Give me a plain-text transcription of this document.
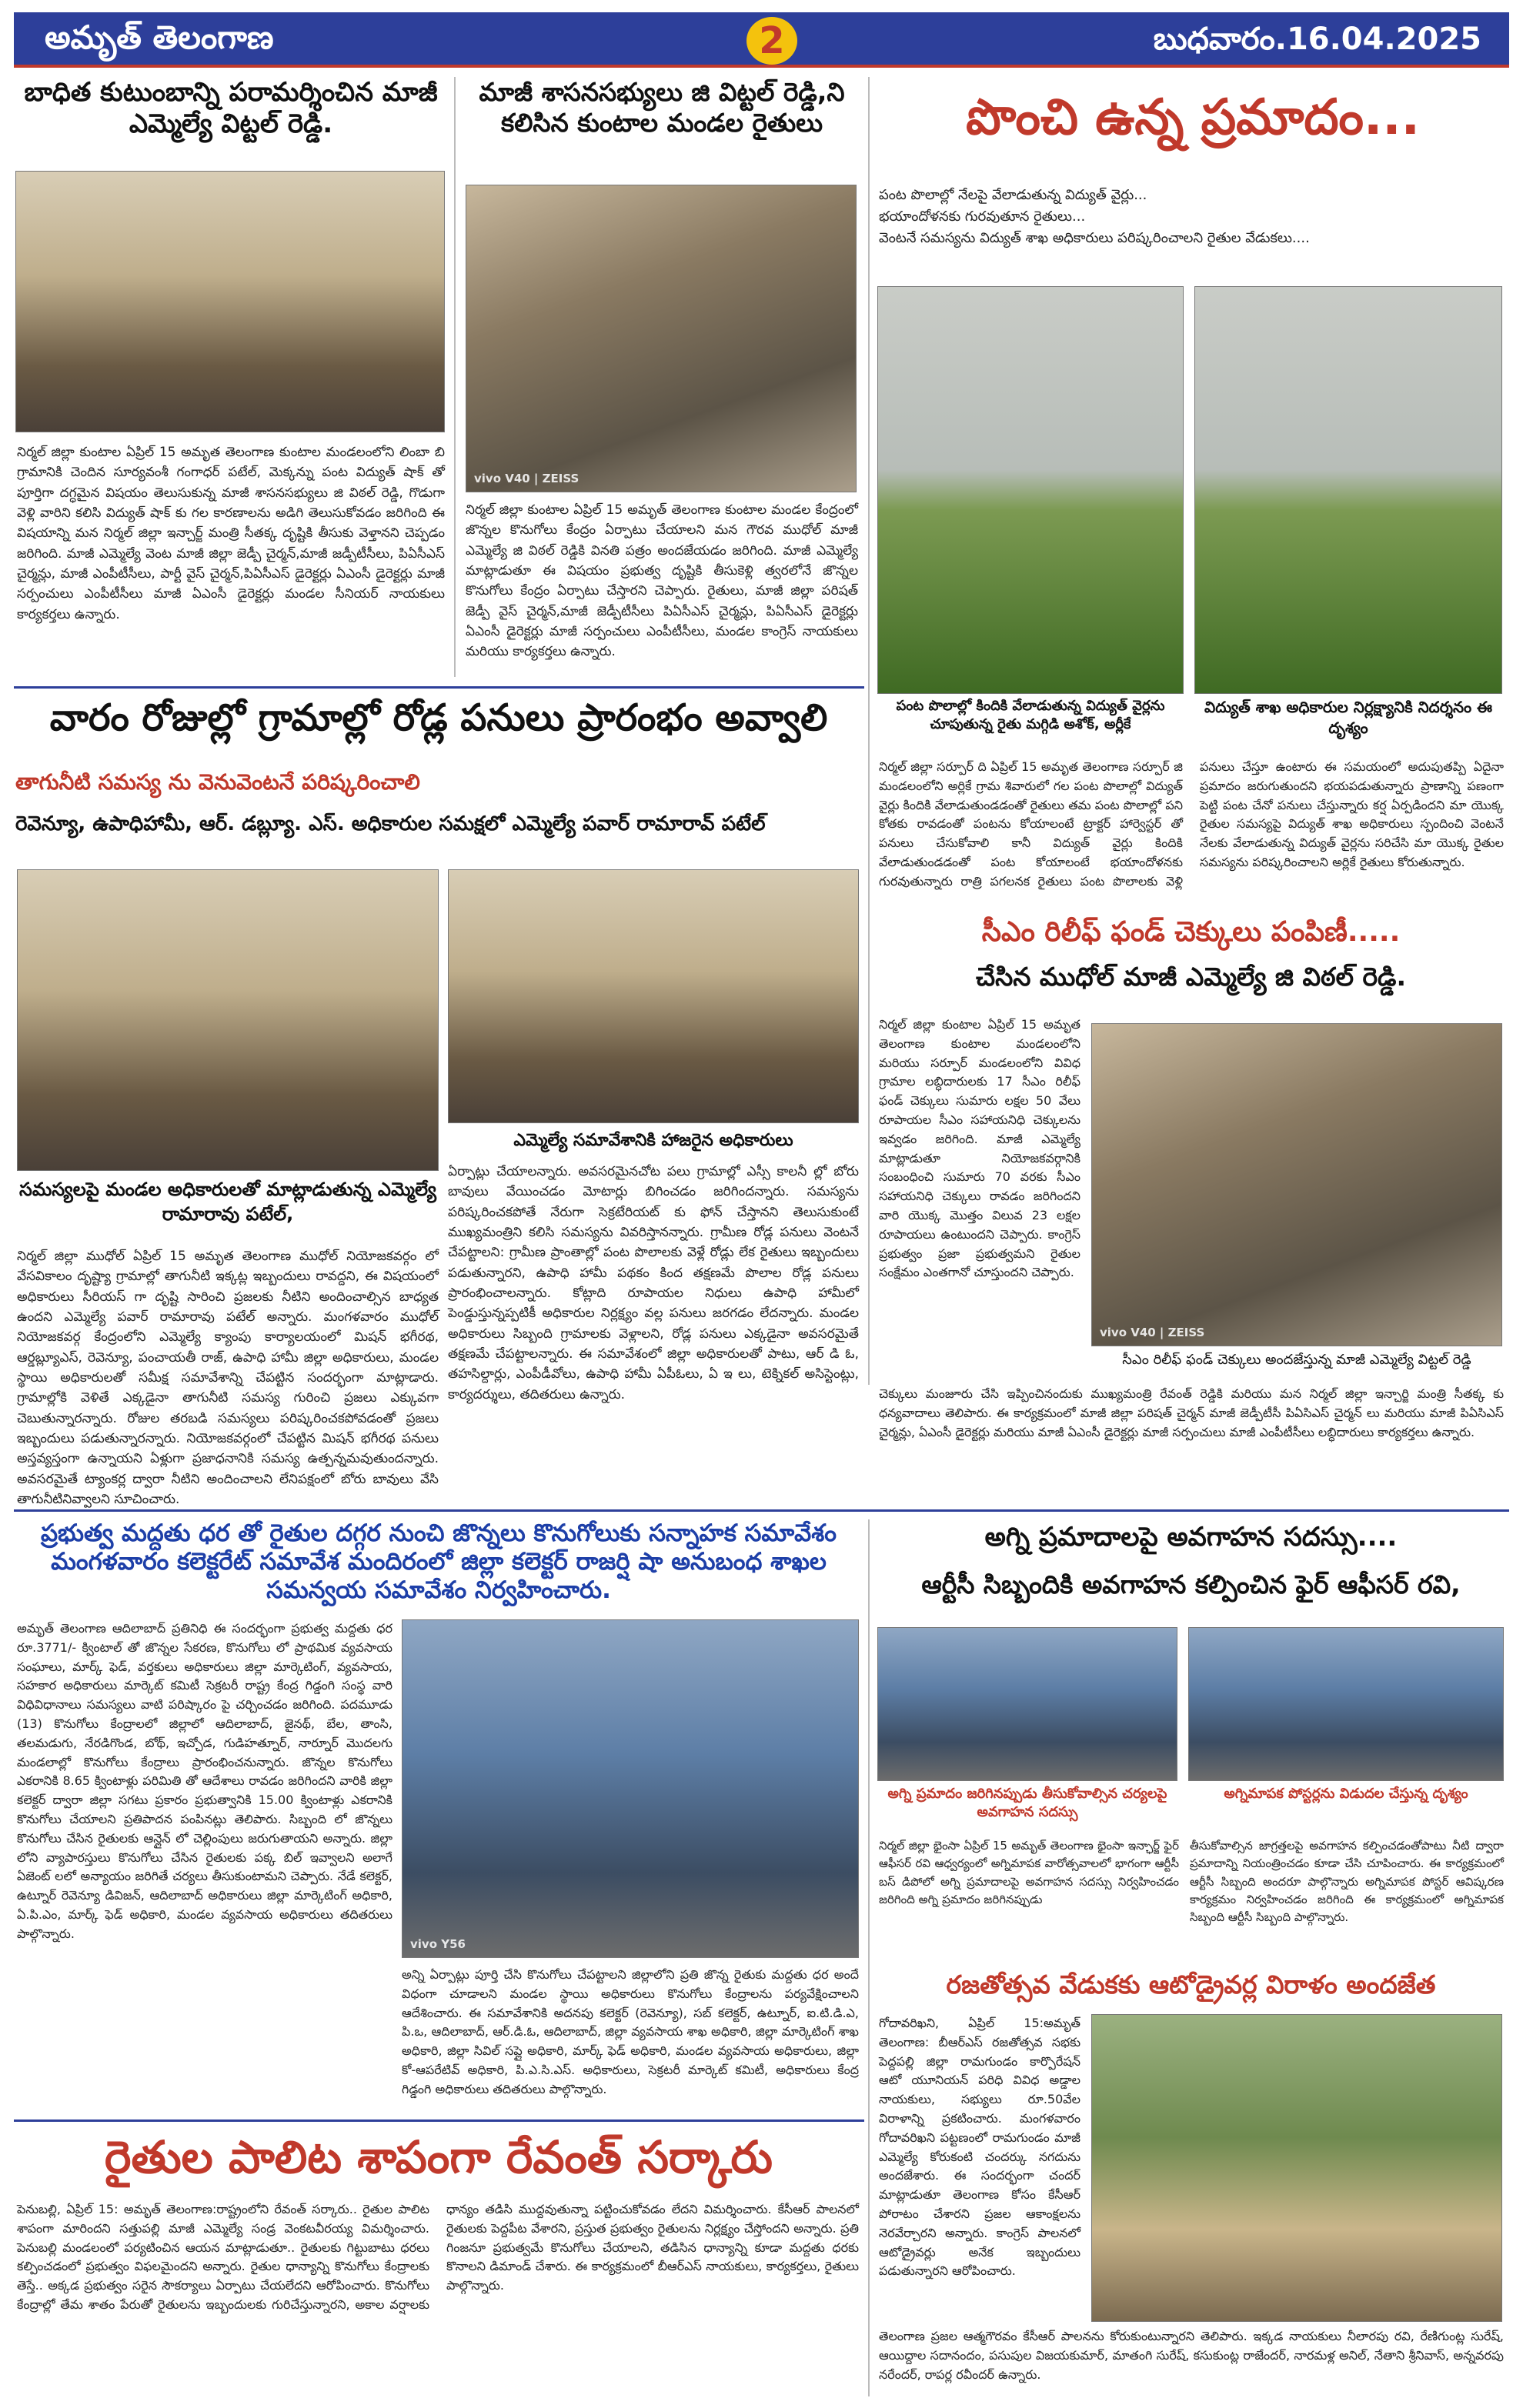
అమృత్ తెలంగాణ	2	బుధవారం.16.04.2025
బాధిత కుటుంబాన్ని పరామర్శించిన మాజీ ఎమ్మెల్యే విట్టల్ రెడ్డి.
నిర్మల్ జిల్లా కుంటాల ఏప్రిల్ 15 అమృత తెలంగాణ కుంటాల మండలంలోని లింబా బి గ్రామానికి చెందిన సూర్యవంశీ గంగాధర్ పటేల్, మెక్కన్ను పంట విద్యుత్ షాక్ తో పూర్తిగా దగ్ధమైన విషయం తెలుసుకున్న మాజీ శాసనసభ్యులు జి విఠల్ రెడ్డి, గొడుగా వెళ్లి వారిని కలిసి విద్యుత్ షాక్ కు గల కారణాలను అడిగి తెలుసుకోవడం జరిగింది ఈ విషయాన్ని మన నిర్మల్ జిల్లా ఇన్చార్జ్ మంత్రి సీతక్క దృష్టికి తీసుకు వెళ్తానని చెప్పడం జరిగింది. మాజీ ఎమ్మెల్యే వెంట మాజీ జిల్లా జెడ్పీ చైర్మన్,మాజీ జడ్పీటీసీలు, పిఏసీఎస్ చైర్మన్లు, మాజీ ఎంపీటీసీలు, పార్టీ వైస్ చైర్మన్,పిఏసీఎస్ డైరెక్టర్లు ఏఎంసీ డైరెక్టర్లు మాజీ సర్పంచులు ఎంపీటీసీలు మాజీ ఏఎంసీ డైరెక్టర్లు మండల సీనియర్ నాయకులు కార్యకర్తలు ఉన్నారు.
మాజీ శాసనసభ్యులు జి విట్టల్ రెడ్డి,ని కలిసిన కుంటాల మండల రైతులు
vivo V40 | ZEISS
నిర్మల్ జిల్లా కుంటాల ఏప్రిల్ 15 అమృత్ తెలంగాణ కుంటాల మండల కేంద్రంలో జొన్నల కొనుగోలు కేంద్రం ఏర్పాటు చేయాలని మన గౌరవ ముధోల్ మాజీ ఎమ్మెల్యే జి విఠల్ రెడ్డికి వినతి పత్రం అందజేయడం జరిగింది. మాజీ ఎమ్మెల్యే మాట్లాడుతూ ఈ విషయం ప్రభుత్వ దృష్టికి తీసుకెళ్లి త్వరలోనే జొన్నల కొనుగోలు కేంద్రం ఏర్పాటు చేస్తారని చెప్పారు. రైతులు, మాజీ జిల్లా పరిషత్ జెడ్పీ వైస్ చైర్మన్,మాజీ జెడ్పీటీసీలు పిఏసీఎస్ చైర్మన్లు, పిఏసీఎస్ డైరెక్టర్లు ఏఎంసీ డైరెక్టర్లు మాజీ సర్పంచులు ఎంపీటీసీలు, మండల కాంగ్రెస్ నాయకులు మరియు కార్యకర్తలు ఉన్నారు.
పొంచి ఉన్న ప్రమాదం...
పంట పొలాల్లో నేలపై వేలాడుతున్న విద్యుత్ వైర్లు...
భయాందోళనకు గురవుతూన రైతులు...
వెంటనే సమస్యను విద్యుత్ శాఖ అధికారులు పరిష్కరించాలని రైతుల వేడుకలు....
పంట పొలాల్లో కిందికి వేలాడుతున్న విద్యుత్ వైర్లను చూపుతున్న రైతు మగ్గిడి అశోక్, అర్లీకే
విద్యుత్ శాఖ అధికారుల నిర్లక్ష్యానికి నిదర్శనం ఈ దృశ్యం
నిర్మల్ జిల్లా సర్పూర్ ది ఏప్రిల్ 15 అమృత తెలంగాణ సర్పూర్ జి మండలంలోని అర్లికే గ్రామ శివారులో గల పంట పొలాల్లో విద్యుత్ వైర్లు కిందికి వేలాడుతుండడంతో రైతులు తమ పంట పొలాల్లో పని కోతకు రావడంతో పంటను కోయాలంటే ట్రాక్టర్ హార్వెస్టర్ తో పనులు చేసుకోవాలి కానీ విద్యుత్ వైర్లు కిందికి వేలాడుతుండడంతో పంట కోయాలంటే భయాందోళనకు గురవుతున్నారు రాత్రి పగలనక రైతులు పంట పొలాలకు వెళ్లి పనులు చేస్తూ ఉంటారు ఈ సమయంలో అదుపుతప్పి ఏదైనా ప్రమాదం జరుగుతుందని భయపడుతున్నారు ప్రాణాన్ని పణంగా పెట్టి పంట చేనో పనులు చేస్తున్నారు కర్ష ఏర్పడిందని మా యొక్క రైతుల సమస్యపై విద్యుత్ శాఖ అధికారులు స్పందించి వెంటనే నేలకు వేలాడుతున్న విద్యుత్ వైర్లను సరిచేసి మా యొక్క రైతుల సమస్యను పరిష్కరించాలని అర్లికే రైతులు కోరుతున్నారు.
వారం రోజుల్లో గ్రామాల్లో రోడ్ల పనులు ప్రారంభం అవ్వాలి
తాగునీటి సమస్య ను వెనువెంటనే పరిష్కరించాలి
రెవెన్యూ, ఉపాధిహామీ, ఆర్. డబ్ల్యూ. ఎస్. అధికారుల సమక్షలో ఎమ్మెల్యే పవార్ రామారావ్ పటేల్
ఎమ్మెల్యే సమావేశానికి హాజరైన అధికారులు
ఏర్పాట్లు చేయాలన్నారు. అవసరమైనచోట పలు గ్రామాల్లో ఎస్సీ కాలనీ ల్లో బోరు బావులు వేయించడం మోటార్లు బిగించడం జరిగిందన్నారు. సమస్యను పరిష్కరించకపోతే నేరుగా సెక్రటేరియట్ కు ఫోన్ చేస్తానని తెలుసుకుంటే ముఖ్యమంత్రిని కలిసి సమస్యను వివరిస్తానన్నారు. గ్రామీణ రోడ్ల పనులు వెంటనే చేపట్టాలని: గ్రామీణ ప్రాంతాల్లో పంట పొలాలకు వెళ్లే రోడ్లు లేక రైతులు ఇబ్బందులు పడుతున్నారని, ఉపాధి హామీ పథకం కింద తక్షణమే పొలాల రోడ్ల పనులు ప్రారంభించాలన్నారు. కోట్లాది రూపాయల నిధులు ఉపాధి హామీలో పెండ్డుస్తున్నప్పటికీ అధికారుల నిర్లక్ష్యం వల్ల పనులు జరగడం లేదన్నారు. మండల అధికారులు సిబ్బంది గ్రామాలకు వెళ్లాలని, రోడ్ల పనులు ఎక్కడైనా అవసరమైతే తక్షణమే చేపట్టాలన్నారు. ఈ సమావేశంలో జిల్లా అధికారులతో పాటు, ఆర్ డి ఓ, తహసిల్దార్లు, ఎంపీడీవోలు, ఉపాధి హామీ ఏపీఓలు, ఏ ఇ లు, టెక్నికల్ అసిస్టెంట్లు, కార్యదర్శులు, తదితరులు ఉన్నారు.
సమస్యలపై మండల అధికారులతో మాట్లాడుతున్న ఎమ్మెల్యే రామారావు పటేల్,
నిర్మల్ జిల్లా ముధోల్ ఏప్రిల్ 15 అమృత తెలంగాణ ముధోల్ నియోజకవర్గం లో వేసవికాలం దృష్ట్యా గ్రామాల్లో తాగునీటి ఇక్కట్ల ఇబ్బందులు రావద్దని, ఈ విషయంలో అధికారులు సీరియస్ గా దృష్టి సారించి ప్రజలకు నీటిని అందించాల్సిన బాధ్యత ఉందని ఎమ్మెల్యే పవార్ రామారావు పటేల్ అన్నారు. మంగళవారం ముధోల్ నియోజకవర్గ కేంద్రంలోని ఎమ్మెల్యే క్యాంపు కార్యాలయంలో మిషన్ భగీరథ, ఆర్డబ్ల్యూఎస్, రెవెన్యూ, పంచాయతీ రాజ్, ఉపాధి హామీ జిల్లా అధికారులు, మండల స్థాయి అధికారులతో సమీక్ష సమావేశాన్ని చేపట్టిన సందర్భంగా మాట్లాడారు. గ్రామాల్లోకి వెళితే ఎక్కడైనా తాగునీటి సమస్య గురించి ప్రజలు ఎక్కువగా చెబుతున్నారన్నారు. రోజుల తరబడి సమస్యలు పరిష్కరించకపోవడంతో ప్రజలు ఇబ్బందులు పడుతున్నారన్నారు. నియోజకవర్గంలో చేపట్టిన మిషన్ భగీరథ పనులు అస్తవ్యస్తంగా ఉన్నాయని ఏళ్లుగా ప్రజాధనానికి సమస్య ఉత్పన్నమవుతుందన్నారు. అవసరమైతే ట్యాంకర్ల ద్వారా నీటిని అందించాలని లేనిపక్షంలో బోరు బావులు వేసి తాగునీటినివ్వాలని సూచించారు.
సీఎం రిలీఫ్ ఫండ్ చెక్కులు పంపిణీ.....
చేసిన ముధోల్ మాజీ ఎమ్మెల్యే జి విఠల్ రెడ్డి.
నిర్మల్ జిల్లా కుంటాల ఏప్రిల్ 15 అమృత తెలంగాణ కుంటాల మండలంలోని మరియు సర్పూర్ మండలంలోని వివిధ గ్రామాల లబ్ధిదారులకు 17 సీఎం రిలీఫ్ ఫండ్ చెక్కులు సుమారు లక్షల 50 వేలు రూపాయల సీఎం సహాయనిధి చెక్కులను ఇవ్వడం జరిగింది. మాజీ ఎమ్మెల్యే మాట్లాడుతూ నియోజకవర్గానికి సంబంధించి సుమారు 70 వరకు సీఎం సహాయనిధి చెక్కులు రావడం జరిగిందని వారి యొక్క మొత్తం విలువ 23 లక్షల రూపాయలు ఉంటుందని చెప్పారు. కాంగ్రెస్ ప్రభుత్వం ప్రజా ప్రభుత్వమని రైతుల సంక్షేమం ఎంతగానో చూస్తుందని చెప్పారు.
vivo V40 | ZEISS
సీఎం రిలీఫ్ ఫండ్ చెక్కులు అందజేస్తున్న మాజీ ఎమ్మెల్యే విట్టల్ రెడ్డి
చెక్కులు మంజూరు చేసి ఇప్పించినందుకు ముఖ్యమంత్రి రేవంత్ రెడ్డికి మరియు మన నిర్మల్ జిల్లా ఇన్చార్జి మంత్రి సీతక్క కు ధన్యవాదాలు తెలిపారు. ఈ కార్యక్రమంలో మాజీ జిల్లా పరిషత్ చైర్మన్ మాజీ జెడ్పీటీసీ పిఏసిఎస్ చైర్మన్ లు మరియు మాజీ పిఏసిఎస్ చైర్మన్లు, ఏఎంసీ డైరెక్టర్లు మరియు మాజీ ఏఎంసీ డైరెక్టర్లు మాజీ సర్పంచులు మాజీ ఎంపీటీసీలు లబ్ధిదారులు కార్యకర్తలు ఉన్నారు.
ప్రభుత్వ మద్దతు ధర తో రైతుల దగ్గర నుంచి జొన్నలు కొనుగోలుకు సన్నాహక సమావేశం మంగళవారం కలెక్టరేట్ సమావేశ మందిరంలో జిల్లా కలెక్టర్ రాజర్షి షా అనుబంధ శాఖల సమన్వయ సమావేశం నిర్వహించారు.
అమృత్ తెలంగాణ ఆదిలాబాద్ ప్రతినిధి ఈ సందర్భంగా ప్రభుత్వ మద్దతు ధర రూ.3771/- క్వింటాల్ తో జొన్నల సేకరణ, కొనుగోలు లో ప్రాథమిక వ్యవసాయ సంఘాలు, మార్క్ ఫెడ్, వర్తకులు అధికారులు జిల్లా మార్కెటింగ్, వ్యవసాయ, సహకార అధికారులు మార్కెట్ కమిటీ సెక్రటరీ రాష్ట్ర కేంద్ర గిడ్డంగి సంస్థ వారి విధివిధానాలు సమస్యలు వాటి పరిష్కారం పై చర్చించడం జరిగింది. పదమూడు (13) కొనుగోలు కేంద్రాలలో జిల్లాలో ఆదిలాబాద్, జైనథ్, బేల, తాంసి, తలమడుగు, నేరడిగొండ, బోథ్, ఇచ్చోడ, గుడిహత్నూర్, నార్నూర్ మొదలగు మండలాల్లో కొనుగోలు కేంద్రాలు ప్రారంభించనున్నారు. జొన్నల కొనుగోలు ఎకరానికి 8.65 క్వింటాళ్లు పరిమితి తో ఆదేశాలు రావడం జరిగిందని వారికి జిల్లా కలెక్టర్ ద్వారా జిల్లా సగటు ప్రకారం ప్రభుత్వానికి 15.00 క్వింటాళ్లు ఎకరానికి కొనుగోలు చేయాలని ప్రతిపాదన పంపినట్లు తెలిపారు. సిబ్బంది లో జొన్నలు కొనుగోలు చేసిన రైతులకు ఆన్లైన్ లో చెల్లింపులు జరుగుతాయని అన్నారు. జిల్లా లోని వ్యాపారస్తులు కొనుగోలు చేసిన రైతులకు పక్క బిల్ ఇవ్వాలని అలాగే ఏజెంట్ లలో అన్యాయం జరిగితే చర్యలు తీసుకుంటామని చెప్పారు. నేడే కలెక్టర్, ఉట్నూర్ రెవెన్యూ డివిజన్, ఆదిలాబాద్ అధికారులు జిల్లా మార్కెటింగ్ అధికారి, ఏ.పి.ఎం, మార్క్ ఫెడ్ అధికారి, మండల వ్యవసాయ అధికారులు తదితరులు పాల్గొన్నారు.
vivo Y56
అన్ని ఏర్పాట్లు పూర్తి చేసి కొనుగోలు చేపట్టాలని జిల్లాలోని ప్రతి జొన్న రైతుకు మద్దతు ధర అందే విధంగా చూడాలని మండల స్థాయి అధికారులు కొనుగోలు కేంద్రాలను పర్యవేక్షించాలని ఆదేశించారు. ఈ సమావేశానికి అదనపు కలెక్టర్ (రెవెన్యూ), సబ్ కలెక్టర్, ఉట్నూర్, ఐ.టి.డి.ఎ, పి.ఒ, ఆదిలాబాద్, ఆర్.డి.ఓ, ఆదిలాబాద్, జిల్లా వ్యవసాయ శాఖ అధికారి, జిల్లా మార్కెటింగ్ శాఖ అధికారి, జిల్లా సివిల్ సప్లై అధికారి, మార్క్ ఫెడ్ అధికారి, మండల వ్యవసాయ అధికారులు, జిల్లా కో-ఆపరేటివ్ అధికారి, పి.ఎ.సి.ఎస్. అధికారులు, సెక్రటరీ మార్కెట్ కమిటీ, అధికారులు కేంద్ర గిడ్డంగి అధికారులు తదితరులు పాల్గొన్నారు.
అగ్ని ప్రమాదాలపై అవగాహన సదస్సు....
ఆర్టీసీ సిబ్బందికి అవగాహన కల్పించిన ఫైర్ ఆఫీసర్ రవి,
అగ్ని ప్రమాదం జరిగినప్పుడు తీసుకోవాల్సిన చర్యలపై అవగాహన సదస్సు
అగ్నిమాపక పోస్టర్లను విడుదల చేస్తున్న దృశ్యం
నిర్మల్ జిల్లా భైంసా ఏప్రిల్ 15 అమృత్ తెలంగాణ భైంసా ఇన్ఛార్జ్ ఫైర్ ఆఫీసర్ రవి ఆధ్వర్యంలో అగ్నిమాపక వారోత్సవాలలో భాగంగా ఆర్టీసీ బస్ డిపోలో అగ్ని ప్రమాదాలపై అవగాహన సదస్సు నిర్వహించడం జరిగింది అగ్ని ప్రమాదం జరిగినప్పుడు
తీసుకోవాల్సిన జాగ్రత్తలపై అవగాహన కల్పించడంతోపాటు నీటి ద్వారా ప్రమాదాన్ని నియంత్రించడం కూడా చేసి చూపించారు. ఈ కార్యక్రమంలో ఆర్టీసీ సిబ్బంది అందరూ పాల్గొన్నారు అగ్నిమాపక పోస్టర్ ఆవిష్కరణ కార్యక్రమం నిర్వహించడం జరిగింది ఈ కార్యక్రమంలో అగ్నిమాపక సిబ్బంది ఆర్టీసీ సిబ్బంది పాల్గొన్నారు.
రజతోత్సవ వేడుకకు ఆటోడ్రైవర్ల విరాళం అందజేత
గోదావరిఖని, ఏప్రిల్ 15:అమృత్ తెలంగాణ: బీఆర్ఎస్ రజతోత్సవ సభకు పెద్దపల్లి జిల్లా రామగుండం కార్పొరేషన్ ఆటో యూనియన్ పరిధి వివిధ అడ్డాల నాయకులు, సభ్యులు రూ.50వేల విరాళాన్ని ప్రకటించారు. మంగళవారం గోదావరిఖని పట్టణంలో రామగుండం మాజీ ఎమ్మెల్యే కోరుకంటి చందర్కు నగదును అందజేశారు. ఈ సందర్భంగా చందర్ మాట్లాడుతూ తెలంగాణ కోసం కేసీఆర్ పోరాటం చేశారని ప్రజల ఆకాంక్షలను నెరవేర్చారని అన్నారు. కాంగ్రెస్ పాలనలో ఆటోడ్రైవర్లు అనేక ఇబ్బందులు పడుతున్నారని ఆరోపించారు.
తెలంగాణ ప్రజల ఆత్మగౌరవం కేసీఆర్ పాలనను కోరుకుంటున్నారని తెలిపారు. ఇక్కడ నాయకులు నీలారపు రవి, రేణిగుంట్ల సురేష్, ఆయిద్దాల సదానందం, పసుపుల విజయకుమార్, మాతంగి సురేష్, కసుకుంట్ల రాజేందర్, నారమళ్ల అనిల్, నేతాని శ్రీనివాస్, అన్నవరపు నరేందర్, రాపర్ల రవీందర్ ఉన్నారు.
రైతుల పాలిట శాపంగా రేవంత్ సర్కారు
పెనుబల్లి, ఏప్రిల్ 15: అమృత్ తెలంగాణ:రాష్ట్రంలోని రేవంత్ సర్కారు.. రైతుల పాలిట శాపంగా మారిందని సత్తుపల్లి మాజీ ఎమ్మెల్యే సండ్ర వెంకటవీరయ్య విమర్శించారు. పెనుబల్లి మండలంలో పర్యటించిన ఆయన మాట్లాడుతూ.. రైతులకు గిట్టుబాటు ధరలు కల్పించడంలో ప్రభుత్వం విఫలమైందని అన్నారు. రైతుల ధాన్యాన్ని కొనుగోలు కేంద్రాలకు తెస్తే.. అక్కడ ప్రభుత్వం సరైన సౌకర్యాలు ఏర్పాటు చేయలేదని ఆరోపించారు. కొనుగోలు కేంద్రాల్లో తేమ శాతం పేరుతో రైతులను ఇబ్బందులకు గురిచేస్తున్నారని, అకాల వర్షాలకు ధాన్యం తడిసి ముద్దవుతున్నా పట్టించుకోవడం లేదని విమర్శించారు. కేసీఆర్ పాలనలో రైతులకు పెద్దపీట వేశారని, ప్రస్తుత ప్రభుత్వం రైతులను నిర్లక్ష్యం చేస్తోందని అన్నారు. ప్రతి గింజనూ ప్రభుత్వమే కొనుగోలు చేయాలని, తడిసిన ధాన్యాన్ని కూడా మద్దతు ధరకు కొనాలని డిమాండ్ చేశారు. ఈ కార్యక్రమంలో బీఆర్ఎస్ నాయకులు, కార్యకర్తలు, రైతులు పాల్గొన్నారు.
